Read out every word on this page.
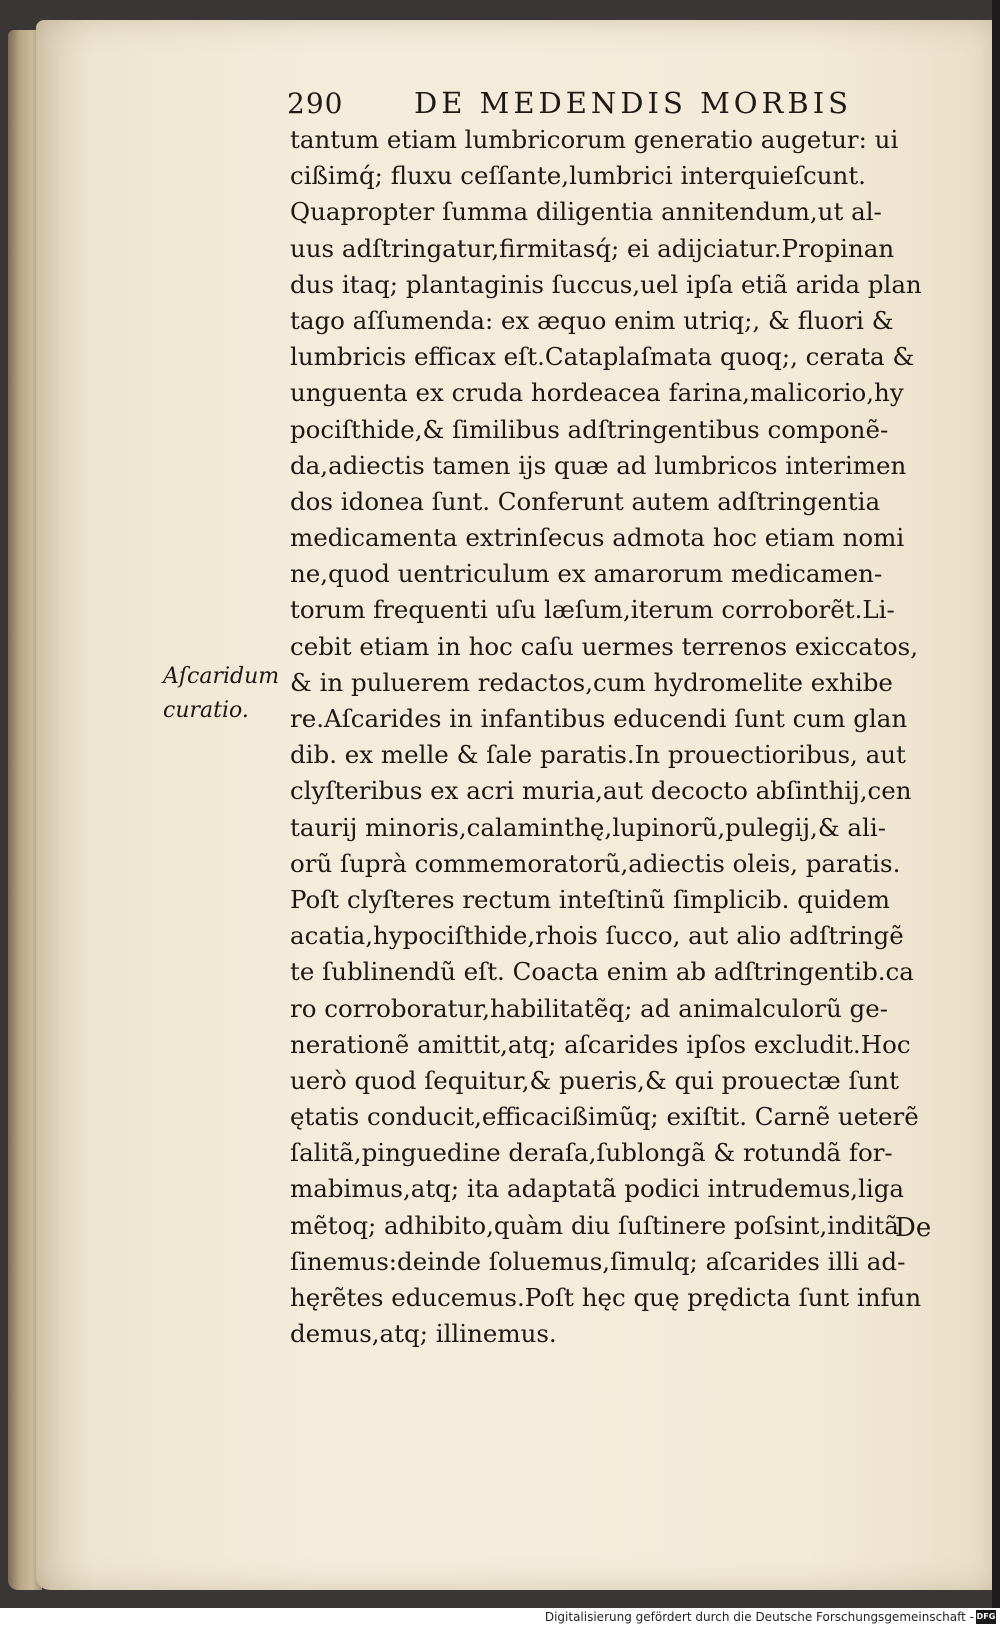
290 DE MEDENDIS MORBIS
tantum etiam lumbricorum generatio augetur: ui
cißimq́; fluxu ceſſante,lumbrici interquieſcunt.
Quapropter ſumma diligentia annitendum,ut al-
uus adſtringatur,firmitasq́; ei adijciatur.Propinan
dus itaq; plantaginis ſuccus,uel ipſa etiã arida plan
tago aſſumenda: ex æquo enim utriq;, & fluori &
lumbricis efficax eſt.Cataplaſmata quoq;, cerata &
unguenta ex cruda hordeacea farina,malicorio,hy
pociſthide,& ſimilibus adſtringentibus componẽ-
da,adiectis tamen ijs quæ ad lumbricos interimen
dos idonea ſunt. Conferunt autem adſtringentia
medicamenta extrinſecus admota hoc etiam nomi
ne,quod uentriculum ex amarorum medicamen-
torum frequenti uſu læſum,iterum corroborẽt.Li-
cebit etiam in hoc caſu uermes terrenos exiccatos,
& in puluerem redactos,cum hydromelite exhibe
re.Aſcarides in infantibus educendi ſunt cum glan
dib. ex melle & ſale paratis.In prouectioribus, aut
clyſteribus ex acri muria,aut decocto abſinthij,cen
taurij minoris,calaminthę,lupinorũ,pulegij,& ali-
orũ ſuprà commemoratorũ,adiectis oleis, paratis.
Poſt clyſteres rectum inteſtinũ ſimplicib. quidem
acatia,hypociſthide,rhois ſucco, aut alio adſtringẽ
te ſublinendũ eſt. Coacta enim ab adſtringentib.ca
ro corroboratur,habilitatẽq; ad animalculorũ ge-
nerationẽ amittit,atq; aſcarides ipſos excludit.Hoc
uerò quod ſequitur,& pueris,& qui prouectæ ſunt
ętatis conducit,efficacißimũq; exiſtit. Carnẽ ueterẽ
ſalitã,pinguedine deraſa,ſublongã & rotundã for-
mabimus,atq; ita adaptatã podici intrudemus,liga
mẽtoq; adhibito,quàm diu ſuſtinere poſsint,inditã
ſinemus:deinde ſoluemus,ſimulq; aſcarides illi ad-
hęrẽtes educemus.Poſt hęc quę prędicta ſunt infun
demus,atq; illinemus.
Aſcaridum
curatio.
De
Digitalisierung gefördert durch die Deutsche Forschungsgemeinschaft - DFG
